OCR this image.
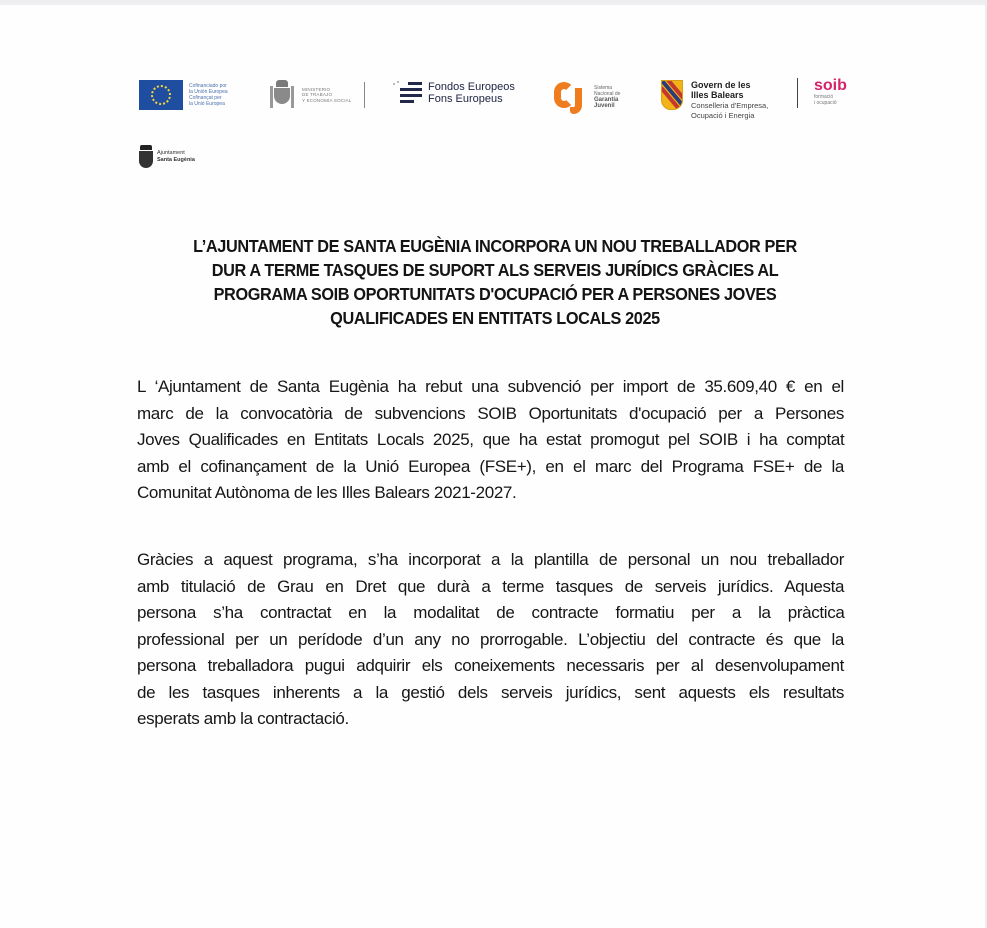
Cofinanciado por
la Unión Europea
Cofinançat per
la Unió Europea
MINISTERIO
DE TRABAJO
Y ECONOMÍA SOCIAL
Fondos Europeos
Fons Europeus
Sistema
Nacional de
Garantía
Juvenil
Govern de les
Illes Balears
Conselleria d'Empresa,
Ocupació i Energia
soib
formació
i ocupació
Ajuntament
Santa Eugènia
L’AJUNTAMENT DE SANTA EUGÈNIA INCORPORA UN NOU TREBALLADOR PER
DUR A TERME TASQUES DE SUPORT ALS SERVEIS JURÍDICS GRÀCIES AL
PROGRAMA SOIB OPORTUNITATS D'OCUPACIÓ PER A PERSONES JOVES
QUALIFICADES EN ENTITATS LOCALS 2025
L ‘Ajuntament de Santa Eugènia ha rebut una subvenció per import de 35.609,40 € en el
marc de la convocatòria de subvencions SOIB Oportunitats d'ocupació per a Persones
Joves Qualificades en Entitats Locals 2025, que ha estat promogut pel SOIB i ha comptat
amb el cofinançament de la Unió Europea (FSE+), en el marc del Programa FSE+ de la
Comunitat Autònoma de les Illes Balears 2021-2027.
Gràcies a aquest programa, s’ha incorporat a la plantilla de personal un nou treballador
amb titulació de Grau en Dret que durà a terme tasques de serveis jurídics. Aquesta
persona s’ha contractat en la modalitat de contracte formatiu per a la pràctica
professional per un perídode d’un any no prorrogable. L’objectiu del contracte és que la
persona treballadora pugui adquirir els coneixements necessaris per al desenvolupament
de les tasques inherents a la gestió dels serveis jurídics, sent aquests els resultats
esperats amb la contractació.
